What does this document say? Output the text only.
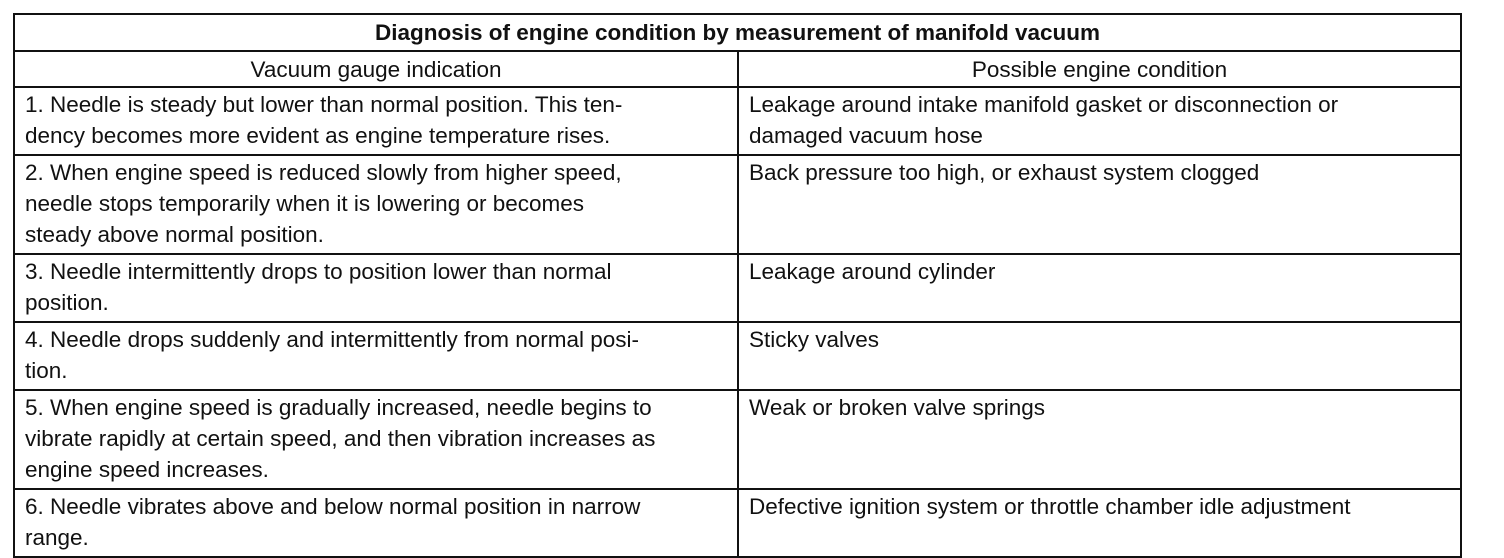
Diagnosis of engine condition by measurement of manifold vacuum	
Vacuum gauge indication	Possible engine condition

1. Needle is steady but lower than normal position. This ten-
dency becomes more evident as engine temperature rises.	Leakage around intake manifold gasket or disconnection or
damaged vacuum hose

2. When engine speed is reduced slowly from higher speed,
needle stops temporarily when it is lowering or becomes
steady above normal position.	Back pressure too high, or exhaust system clogged

3. Needle intermittently drops to position lower than normal
position.	Leakage around cylinder

4. Needle drops suddenly and intermittently from normal posi-
tion.	Sticky valves

5. When engine speed is gradually increased, needle begins to
vibrate rapidly at certain speed, and then vibration increases as
engine speed increases.	Weak or broken valve springs

6. Needle vibrates above and below normal position in narrow
range.	Defective ignition system or throttle chamber idle adjustment
